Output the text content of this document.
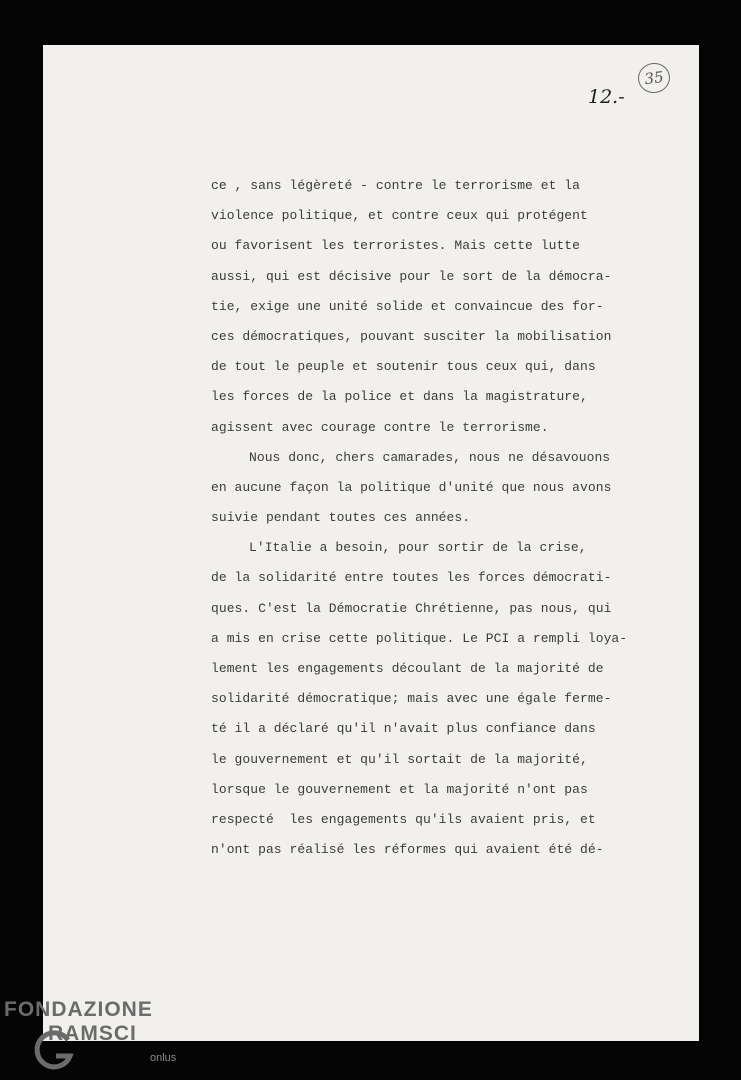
12.-
35
ce , sans légèreté - contre le terrorisme et la
violence politique, et contre ceux qui protégent
ou favorisent les terroristes. Mais cette lutte
aussi, qui est décisive pour le sort de la démocra-
tie, exige une unité solide et convaincue des for-
ces démocratiques, pouvant susciter la mobilisation
de tout le peuple et soutenir tous ceux qui, dans
les forces de la police et dans la magistrature,
agissent avec courage contre le terrorisme.
Nous donc, chers camarades, nous ne désavouons
en aucune façon la politique d'unité que nous avons
suivie pendant toutes ces années.
L'Italie a besoin, pour sortir de la crise,
de la solidarité entre toutes les forces démocrati-
ques. C'est la Démocratie Chrétienne, pas nous, qui
a mis en crise cette politique. Le PCI a rempli loya-
lement les engagements découlant de la majorité de
solidarité démocratique; mais avec une égale ferme-
té il a déclaré qu'il n'avait plus confiance dans
le gouvernement et qu'il sortait de la majorité,
lorsque le gouvernement et la majorité n'ont pas
respecté  les engagements qu'ils avaient pris, et
n'ont pas réalisé les réformes qui avaient été dé-
FONDAZIONE
RAMSCI
onlus
